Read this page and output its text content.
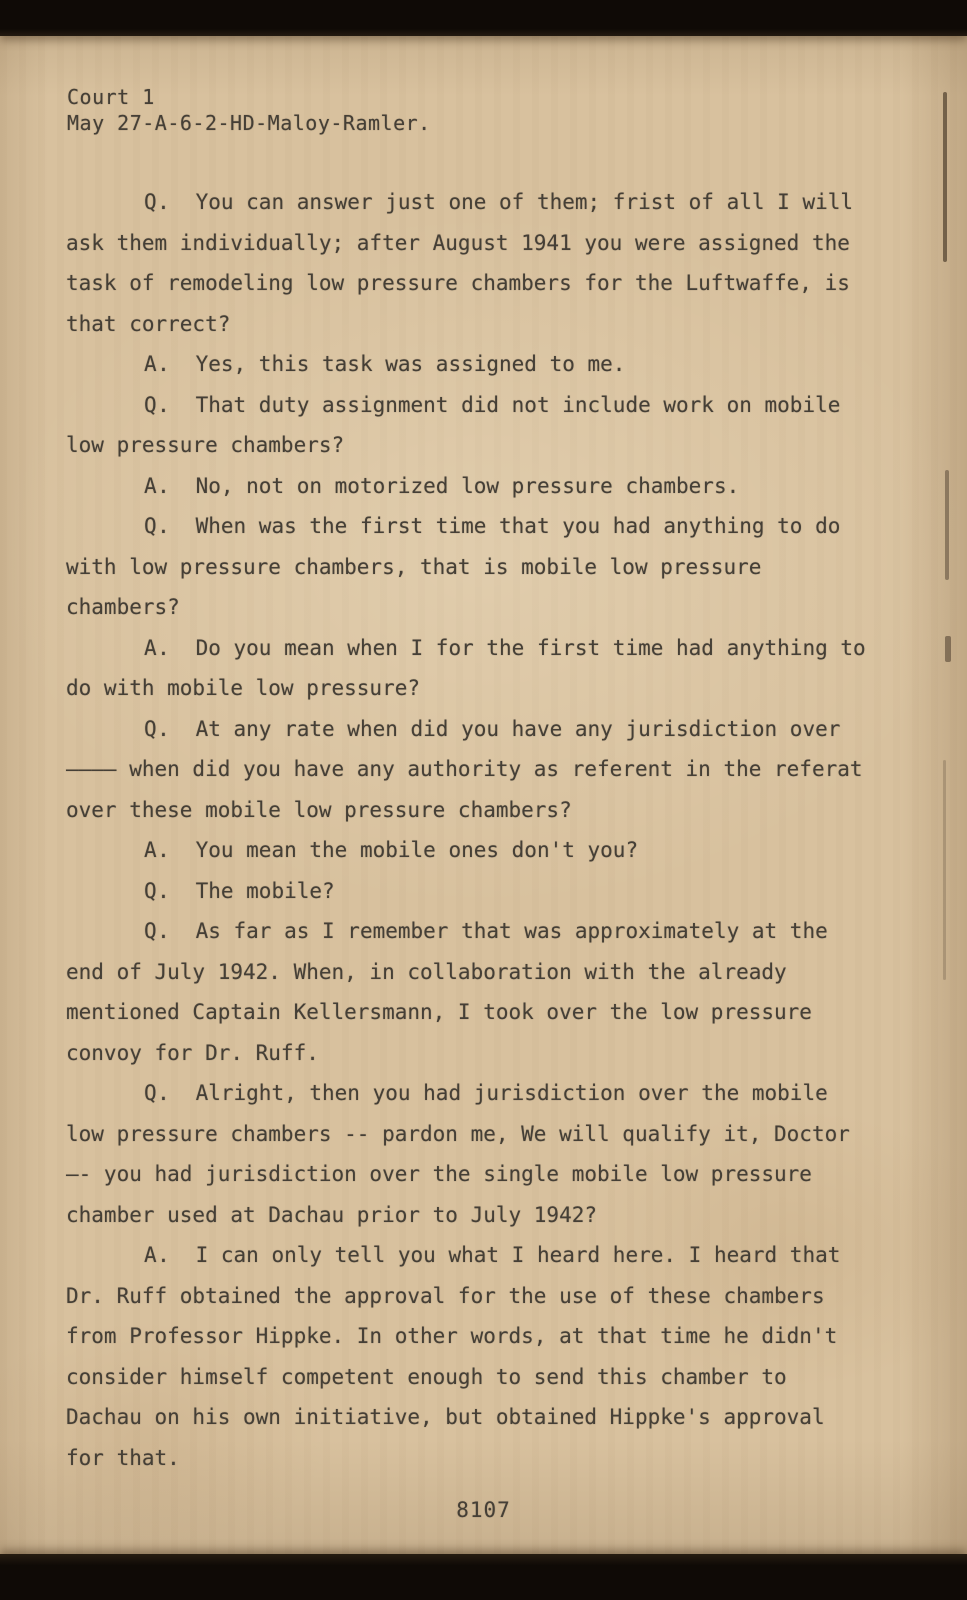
Court 1
May 27-A-6-2-HD-Maloy-Ramler.

Q.  You can answer just one of them; frist of all I will ask them individually; after August 1941 you were assigned the task of remodeling low pressure chambers for the Luftwaffe, is that correct?

A.  Yes, this task was assigned to me.

Q.  That duty assignment did not include work on mobile low pressure chambers?

A.  No, not on motorized low pressure chambers.

Q.  When was the first time that you had anything to do with low pressure chambers, that is mobile low pressure chambers?

A.  Do you mean when I for the first time had anything to do with mobile low pressure?

Q.  At any rate when did you have any jurisdiction over ———— when did you have any authority as referent in the referat over these mobile low pressure chambers?

A.  You mean the mobile ones don't you?

Q.  The mobile?

Q.  As far as I remember that was approximately at the end of July 1942. When, in collaboration with the already mentioned Captain Kellersmann, I took over the low pressure convoy for Dr. Ruff.

Q.  Alright, then you had jurisdiction over the mobile low pressure chambers -- pardon me, We will qualify it, Doctor —- you had jurisdiction over the single mobile low pressure chamber used at Dachau prior to July 1942?

A.  I can only tell you what I heard here. I heard that Dr. Ruff obtained the approval for the use of these chambers from Professor Hippke. In other words, at that time he didn't consider himself competent enough to send this chamber to Dachau on his own initiative, but obtained Hippke's approval for that.

8107
